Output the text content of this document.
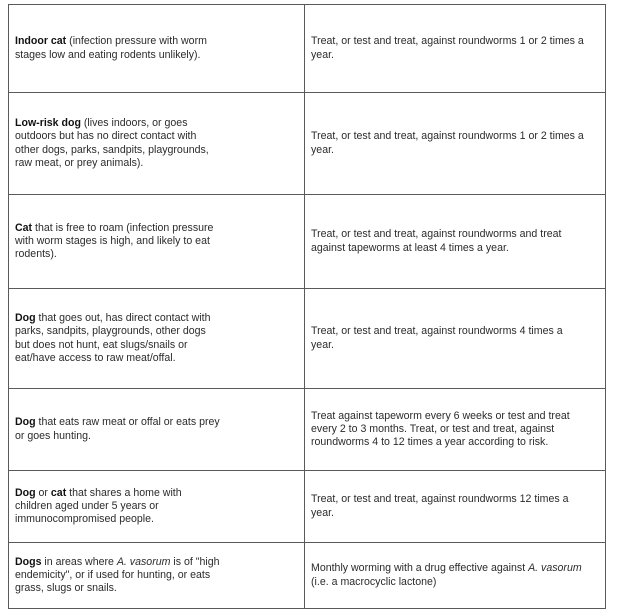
Indoor cat (infection pressure with worm stages low and eating rodents unlikely).	Treat, or test and treat, against roundworms 1 or 2 times a year.

Low-risk dog (lives indoors, or goes outdoors but has no direct contact with other dogs, parks, sandpits, playgrounds, raw meat, or prey animals).	Treat, or test and treat, against roundworms 1 or 2 times a year.

Cat that is free to roam (infection pressure with worm stages is high, and likely to eat rodents).	Treat, or test and treat, against roundworms and treat against tapeworms at least 4 times a year.

Dog that goes out, has direct contact with parks, sandpits, playgrounds, other dogs but does not hunt, eat slugs/snails or eat/have access to raw meat/offal.	Treat, or test and treat, against roundworms 4 times a year.

Dog that eats raw meat or offal or eats prey or goes hunting.	Treat against tapeworm every 6 weeks or test and treat every 2 to 3 months. Treat, or test and treat, against roundworms 4 to 12 times a year according to risk.

Dog or cat that shares a home with children aged under 5 years or immunocompromised people.	Treat, or test and treat, against roundworms 12 times a year.

Dogs in areas where A. vasorum is of "high endemicity", or if used for hunting, or eats grass, slugs or snails.	Monthly worming with a drug effective against A. vasorum (i.e. a macrocyclic lactone)
